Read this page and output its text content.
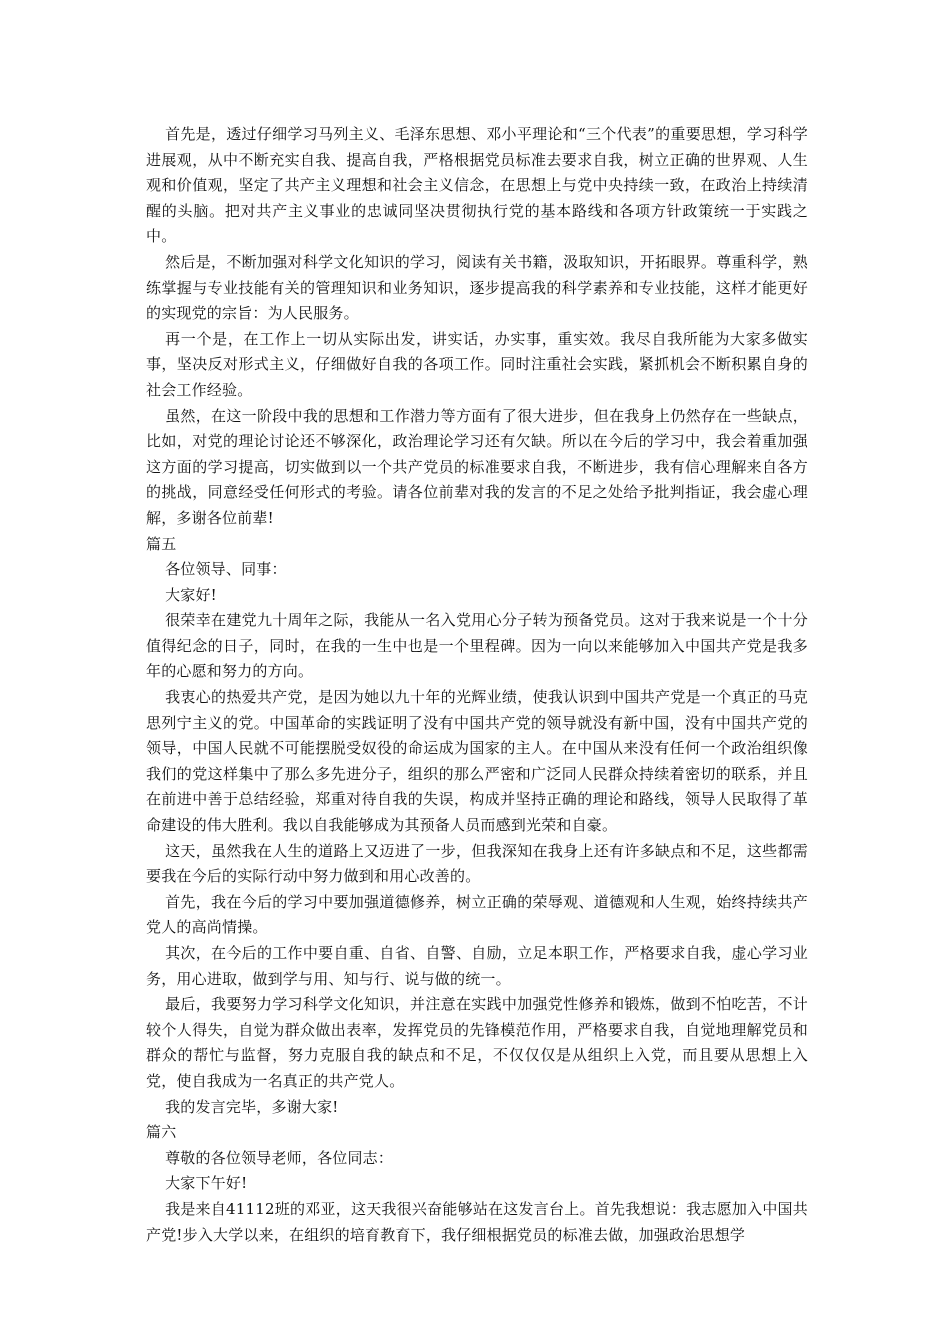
首先是，透过仔细学习马列主义、毛泽东思想、邓小平理论和“三个代表”的重要思想，学习科学进展观，从中不断充实自我、提高自我，严格根据党员标准去要求自我，树立正确的世界观、人生观和价值观，坚定了共产主义理想和社会主义信念，在思想上与党中央持续一致，在政治上持续清醒的头脑。把对共产主义事业的忠诚同坚决贯彻执行党的基本路线和各项方针政策统一于实践之中。

然后是，不断加强对科学文化知识的学习，阅读有关书籍，汲取知识，开拓眼界。尊重科学，熟练掌握与专业技能有关的管理知识和业务知识，逐步提高我的科学素养和专业技能，这样才能更好的实现党的宗旨：为人民服务。

再一个是，在工作上一切从实际出发，讲实话，办实事，重实效。我尽自我所能为大家多做实事，坚决反对形式主义，仔细做好自我的各项工作。同时注重社会实践，紧抓机会不断积累自身的社会工作经验。

虽然，在这一阶段中我的思想和工作潜力等方面有了很大进步，但在我身上仍然存在一些缺点，比如，对党的理论讨论还不够深化，政治理论学习还有欠缺。所以在今后的学习中，我会着重加强这方面的学习提高，切实做到以一个共产党员的标准要求自我，不断进步，我有信心理解来自各方的挑战，同意经受任何形式的考验。请各位前辈对我的发言的不足之处给予批判指证，我会虚心理解，多谢各位前辈!

篇五

各位领导、同事：

大家好!

很荣幸在建党九十周年之际，我能从一名入党用心分子转为预备党员。这对于我来说是一个十分值得纪念的日子，同时，在我的一生中也是一个里程碑。因为一向以来能够加入中国共产党是我多年的心愿和努力的方向。

我衷心的热爱共产党，是因为她以九十年的光辉业绩，使我认识到中国共产党是一个真正的马克思列宁主义的党。中国革命的实践证明了没有中国共产党的领导就没有新中国，没有中国共产党的领导，中国人民就不可能摆脱受奴役的命运成为国家的主人。在中国从来没有任何一个政治组织像我们的党这样集中了那么多先进分子，组织的那么严密和广泛同人民群众持续着密切的联系，并且在前进中善于总结经验，郑重对待自我的失误，构成并坚持正确的理论和路线，领导人民取得了革命建设的伟大胜利。我以自我能够成为其预备人员而感到光荣和自豪。

这天，虽然我在人生的道路上又迈进了一步，但我深知在我身上还有许多缺点和不足，这些都需要我在今后的实际行动中努力做到和用心改善的。

首先，我在今后的学习中要加强道德修养，树立正确的荣辱观、道德观和人生观，始终持续共产党人的高尚情操。

其次，在今后的工作中要自重、自省、自警、自励，立足本职工作，严格要求自我，虚心学习业务，用心进取，做到学与用、知与行、说与做的统一。

最后，我要努力学习科学文化知识，并注意在实践中加强党性修养和锻炼，做到不怕吃苦，不计较个人得失，自觉为群众做出表率，发挥党员的先锋模范作用，严格要求自我，自觉地理解党员和群众的帮忙与监督，努力克服自我的缺点和不足，不仅仅仅是从组织上入党，而且要从思想上入党，使自我成为一名真正的共产党人。

我的发言完毕，多谢大家!

篇六

尊敬的各位领导老师，各位同志：

大家下午好!

我是来自41112班的邓亚，这天我很兴奋能够站在这发言台上。首先我想说：我志愿加入中国共产党!步入大学以来，在组织的培育教育下，我仔细根据党员的标准去做，加强政治思想学
